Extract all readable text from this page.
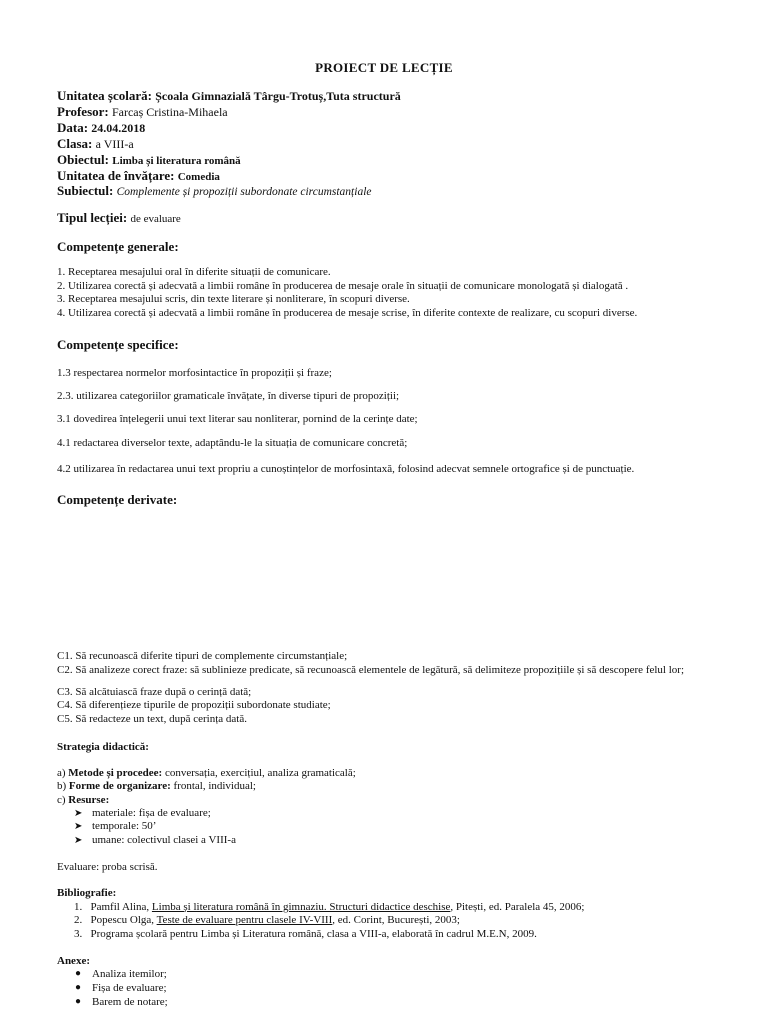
PROIECT DE LECȚIE
Unitatea școlară: Școala Gimnazială Târgu-Trotuș,Tuta structură
Profesor: Farcaș Cristina-Mihaela
Data: 24.04.2018
Clasa: a VIII-a
Obiectul: Limba și literatura română
Unitatea de învățare: Comedia
Subiectul: Complemente și propoziții subordonate circumstanțiale
Tipul lecției: de evaluare
Competențe generale:
1. Receptarea mesajului oral în diferite situații de comunicare.
2. Utilizarea corectă și adecvată a limbii române în producerea de mesaje orale în situații de comunicare monologată și dialogată .
3. Receptarea mesajului scris, din texte literare și nonliterare, în scopuri diverse.
4. Utilizarea corectă și adecvată a limbii române în producerea de mesaje scrise, în diferite contexte de realizare, cu scopuri diverse.
Competențe specifice:
1.3 respectarea normelor morfosintactice în propoziții și fraze;
2.3. utilizarea categoriilor gramaticale învățate, în diverse tipuri de propoziții;
3.1 dovedirea înțelegerii unui text literar sau nonliterar, pornind de la cerințe date;
4.1 redactarea diverselor texte, adaptându-le la situația de comunicare concretă;
4.2 utilizarea în redactarea unui text propriu a cunoștințelor de morfosintaxă, folosind adecvat semnele ortografice și de punctuație.
Competențe derivate:
C1. Să recunoască diferite tipuri de complemente circumstanțiale;
C2. Să analizeze corect fraze: să sublinieze predicate, să recunoască elementele de legătură, să delimiteze propozițiile și să descopere felul lor;
C3. Să alcătuiască fraze după o cerință dată;
C4. Să diferențieze tipurile de propoziții subordonate studiate;
C5. Să redacteze un text, după cerința dată.
Strategia didactică:
a) Metode și procedee: conversația, exercițiul, analiza gramaticală;
b) Forme de organizare: frontal, individual;
c) Resurse:
➤ materiale: fișa de evaluare;
➤ temporale: 50’
➤ umane: colectivul clasei a VIII-a
Evaluare: proba scrisă.
Bibliografie:
1. Pamfil Alina, Limba și literatura română în gimnaziu. Structuri didactice deschise, Pitești, ed. Paralela 45, 2006;
2. Popescu Olga, Teste de evaluare pentru clasele IV-VIII, ed. Corint, București, 2003;
3. Programa școlară pentru Limba și Literatura română, clasa a VIII-a, elaborată în cadrul M.E.N, 2009.
Anexe:
● Analiza itemilor;
● Fișa de evaluare;
● Barem de notare;
